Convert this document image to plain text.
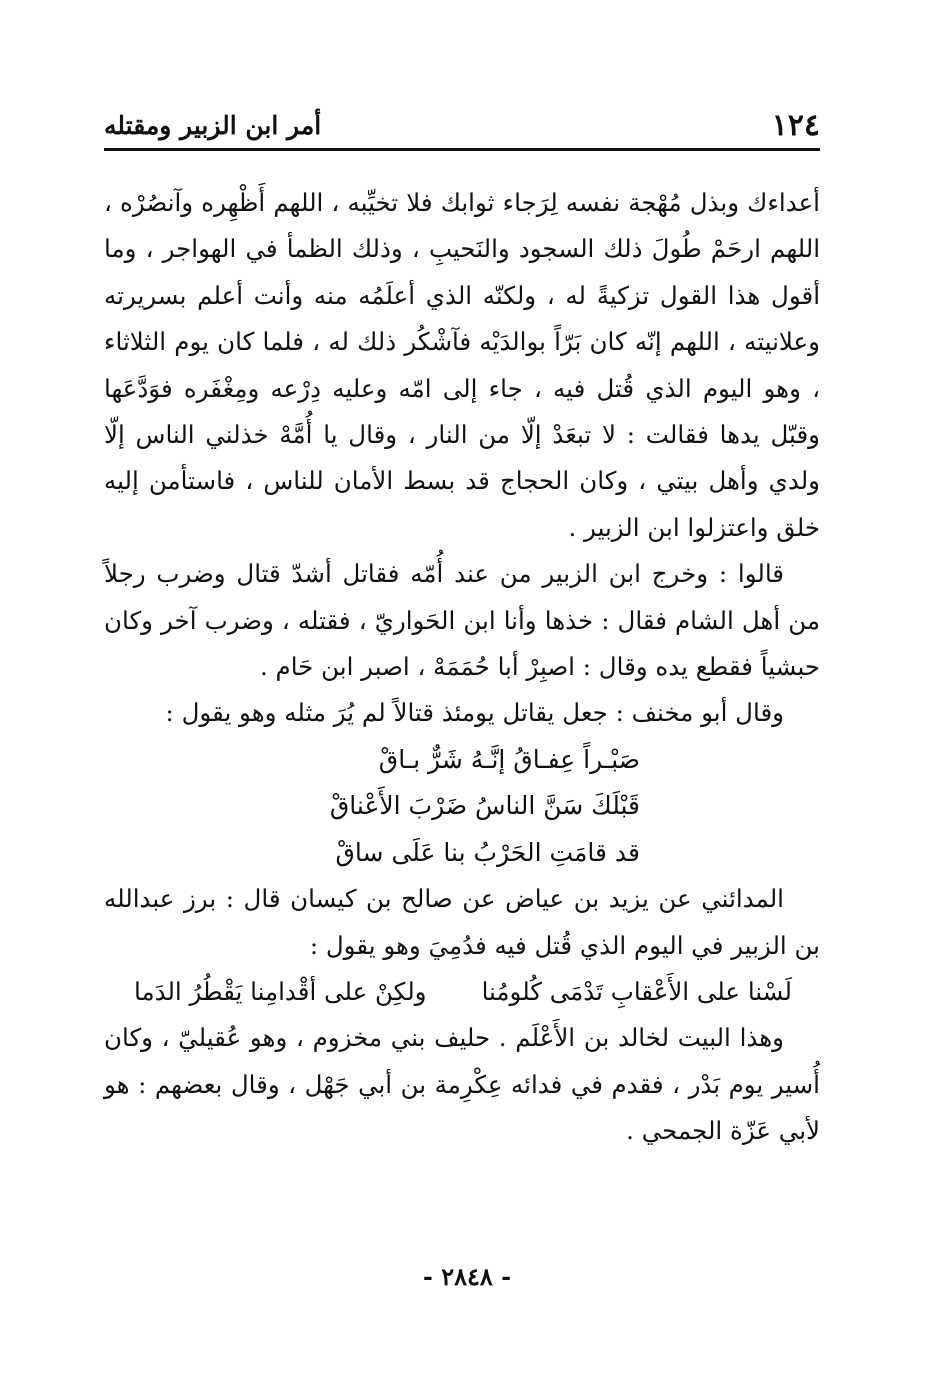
١٢٤
أمر ابن الزبير ومقتله

أعداءك وبذل مُهْجة نفسه لِرَجاء ثوابك فلا تخيِّبه ، اللهم أَظْهِره وآنصُرْه ، اللهم ارحَمْ طُولَ ذلك السجود والنَحيبِ ، وذلك الظمأ في الهواجر ، وما أقول هذا القول تزكيةً له ، ولكنّه الذي أعلَمُه منه وأنت أعلم بسريرته وعلانيته ، اللهم إنّه كان بَرّاً بوالدَيْه فآشْكُر ذلك له ، فلما كان يوم الثلاثاء ، وهو اليوم الذي قُتل فيه ، جاء إلى امّه وعليه دِرْعه ومِغْفَره فوَدَّعَها وقبّل يدها فقالت : لا تبعَدْ إلّا من النار ، وقال يا أُمَّهْ خذلني الناس إلّا ولدي وأهل بيتي ، وكان الحجاج قد بسط الأمان للناس ، فاستأمن إليه خلق واعتزلوا ابن الزبير .

قالوا : وخرج ابن الزبير من عند أُمّه فقاتل أشدّ قتال وضرب رجلاً من أهل الشام فقال : خذها وأنا ابن الحَواريّ ، فقتله ، وضرب آخر وكان حبشياً فقطع يده وقال : اصبِرْ أبا حُمَمَهْ ، اصبر ابن حَام .

وقال أبو مخنف : جعل يقاتل يومئذ قتالاً لم يُرَ مثله وهو يقول :

صَبْـراً عِفـاقُ إنَّـهُ شَرٌّ بـاقْ

قَبْلَكَ سَنَّ الناسُ ضَرْبَ الأَعْناقْ

قد قامَتِ الحَرْبُ بنا عَلَى ساقْ

المدائني عن يزيد بن عياض عن صالح بن كيسان قال : برز عبدالله بن الزبير في اليوم الذي قُتل فيه فدُمِيَ وهو يقول :

لَسْنا على الأَعْقابِ تَدْمَى كُلومُنا
ولكِنْ على أقْدامِنا يَقْطُرُ الدَما

وهذا البيت لخالد بن الأَعْلَم . حليف بني مخزوم ، وهو عُقيليّ ، وكان أُسير يوم بَدْر ، فقدم في فدائه عِكْرِمة بن أبي جَهْل ، وقال بعضهم : هو لأبي عَزّة الجمحي .

- ٢٨٤٨ -
